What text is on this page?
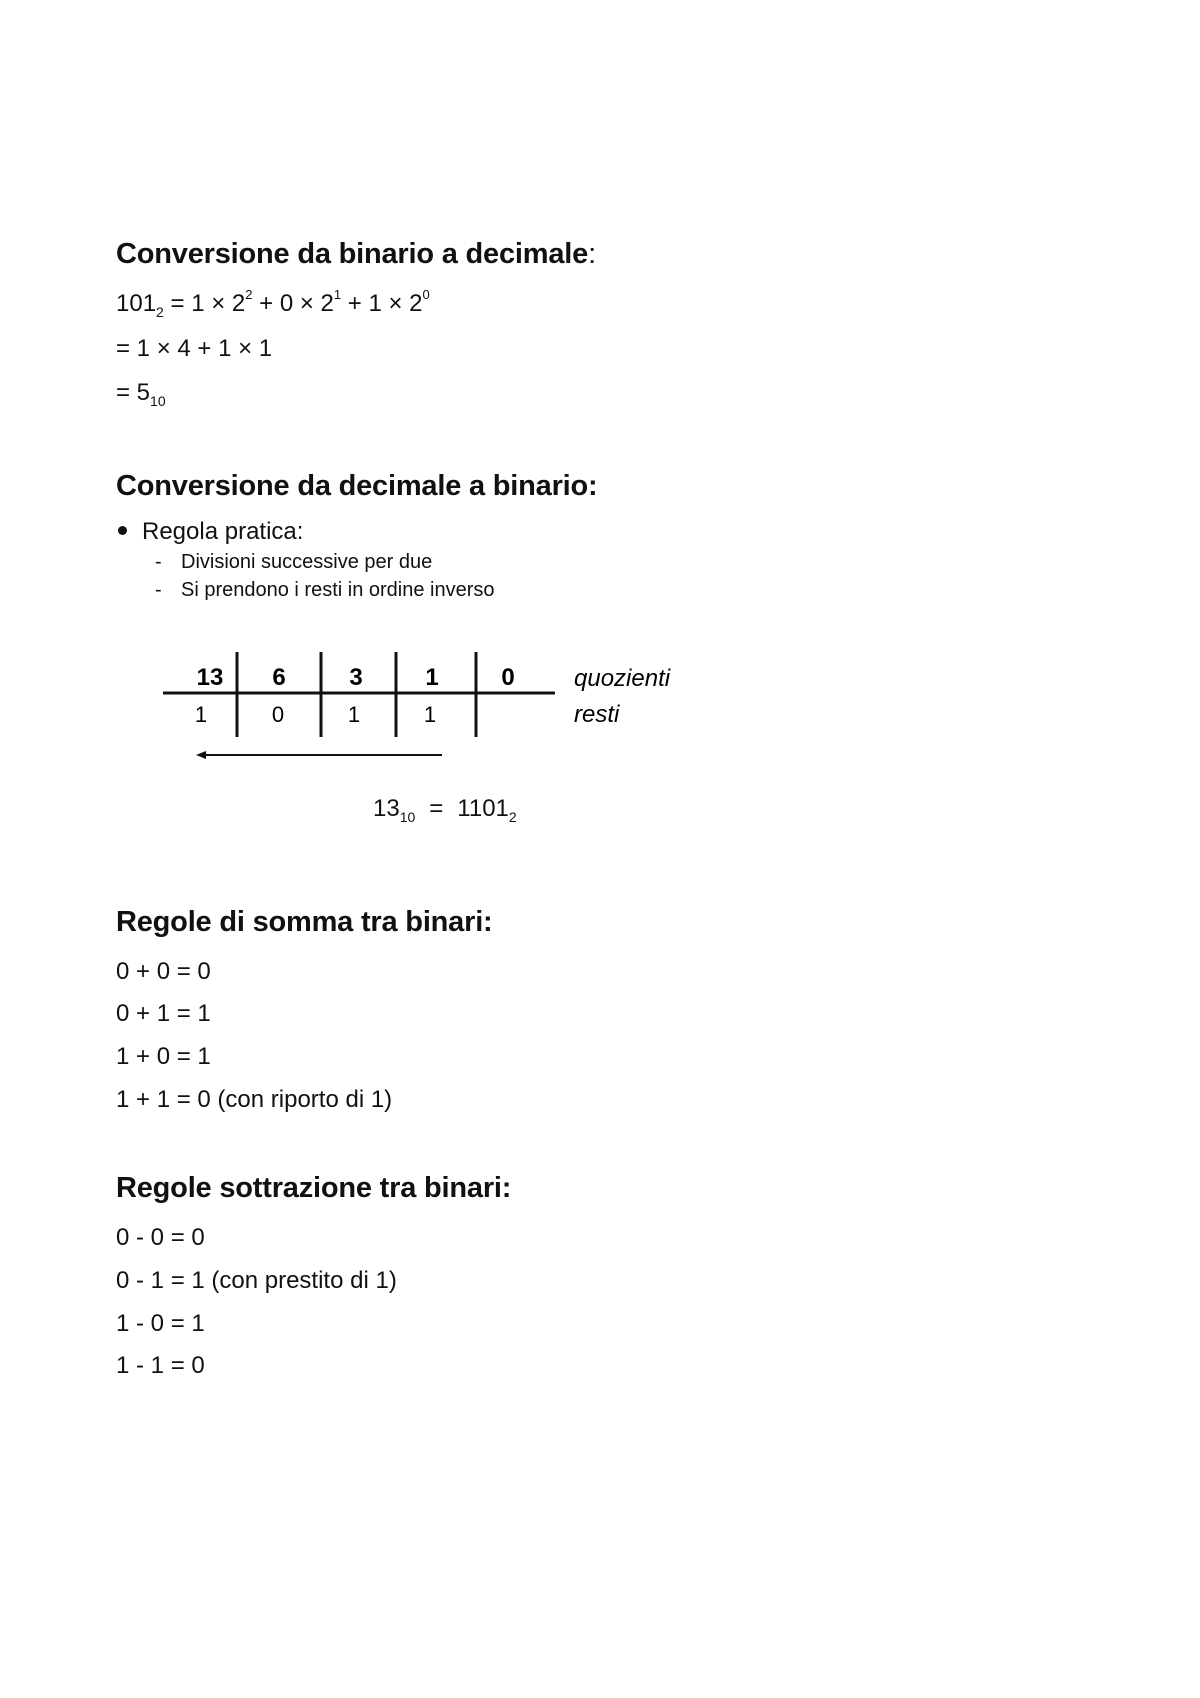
Conversione da binario a decimale:

$101_2 = 1 \times 2^2 + 0 \times 2^1 + 1 \times 2^0$

= 1 × 4 + 1 × 1

= $5_{10}$

Conversione da decimale a binario:
Regola pratica:
- Divisioni successive per due
- Si prendono i resti in ordine inverso
13 6	3	1	0
1	0	1	1
quozienti
resti
$13_{10} = 1101_2$
Regole di somma tra binari:

0 + 0 = 0

0 + 1 = 1

1 + 0 = 1

1 + 1 = 0 (con riporto di 1)

Regole sottrazione tra binari:

0 - 0 = 0

0 - 1 = 1 (con prestito di 1)

1 - 0 = 1

1 - 1 = 0
